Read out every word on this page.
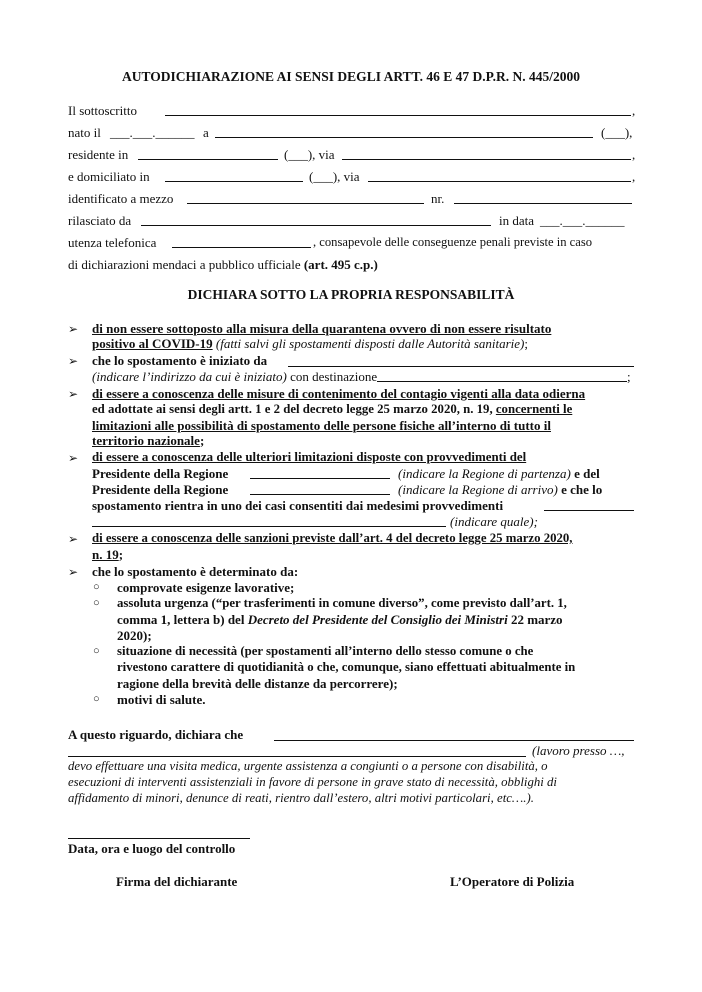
AUTODICHIARAZIONE AI SENSI DEGLI ARTT. 46 E 47 D.P.R. N. 445/2000
Il sottoscritto	,
nato il ___.___.______ a	(___),
residente in	(___), via	,
e domiciliato in	(___), via	,
identificato a mezzo	nr.
rilasciato da	in data ___.___.______
utenza telefonica	, consapevole delle conseguenze penali previste in caso
di dichiarazioni mendaci a pubblico ufficiale (art. 495 c.p.)
DICHIARA SOTTO LA PROPRIA RESPONSABILITÀ
➢ di non essere sottoposto alla misura della quarantena ovvero di non essere risultato
positivo al COVID-19 (fatti salvi gli spostamenti disposti dalle Autorità sanitarie);
➢ che lo spostamento è iniziato da
(indicare l’indirizzo da cui è iniziato) con destinazione	;
➢ di essere a conoscenza delle misure di contenimento del contagio vigenti alla data odierna
ed adottate ai sensi degli artt. 1 e 2 del decreto legge 25 marzo 2020, n. 19, concernenti le
limitazioni alle possibilità di spostamento delle persone fisiche all’interno di tutto il
territorio nazionale;
➢ di essere a conoscenza delle ulteriori limitazioni disposte con provvedimenti del
Presidente della Regione	(indicare la Regione di partenza) e del
Presidente della Regione	(indicare la Regione di arrivo) e che lo
spostamento rientra in uno dei casi consentiti dai medesimi provvedimenti
(indicare quale);
➢ di essere a conoscenza delle sanzioni previste dall’art. 4 del decreto legge 25 marzo 2020,
n. 19;
➢ che lo spostamento è determinato da:
○ comprovate esigenze lavorative;
○ assoluta urgenza (“per trasferimenti in comune diverso”, come previsto dall’art. 1,
comma 1, lettera b) del Decreto del Presidente del Consiglio dei Ministri 22 marzo
2020);
○ situazione di necessità (per spostamenti all’interno dello stesso comune o che
rivestono carattere di quotidianità o che, comunque, siano effettuati abitualmente in
ragione della brevità delle distanze da percorrere);
○ motivi di salute.
A questo riguardo, dichiara che
(lavoro presso …,
devo effettuare una visita medica, urgente assistenza a congiunti o a persone con disabilità, o
esecuzioni di interventi assistenziali in favore di persone in grave stato di necessità, obblighi di
affidamento di minori, denunce di reati, rientro dall’estero, altri motivi particolari, etc….).
Data, ora e luogo del controllo
Firma del dichiarante	L’Operatore di Polizia
